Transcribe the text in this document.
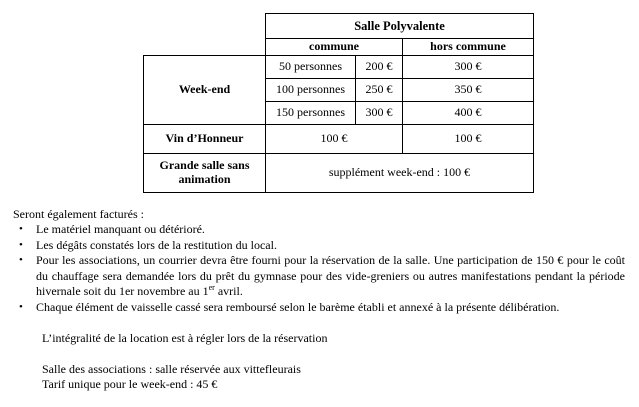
	Salle Polyvalente		
	commune		hors commune
Week-end	50 personnes	200 €	300 €
	100 personnes	250 €	350 €
	150 personnes	300 €	400 €
Vin d’Honneur	100 €		100 €
Grande salle sans animation	supplément week-end : 100 €		
Seront également facturés :
• Le matériel manquant ou détérioré.
• Les dégâts constatés lors de la restitution du local.
• Pour les associations, un courrier devra être fourni pour la réservation de la salle. Une participation de 150 € pour le coût du chauffage sera demandée lors du prêt du gymnase pour des vide-greniers ou autres manifestations pendant la période hivernale soit du 1er novembre au 1er avril.
• Chaque élément de vaisselle cassé sera remboursé selon le barème établi et annexé à la présente délibération.
L’intégralité de la location est à régler lors de la réservation
Salle des associations : salle réservée aux vittefleurais
Tarif unique pour le week-end : 45 €
